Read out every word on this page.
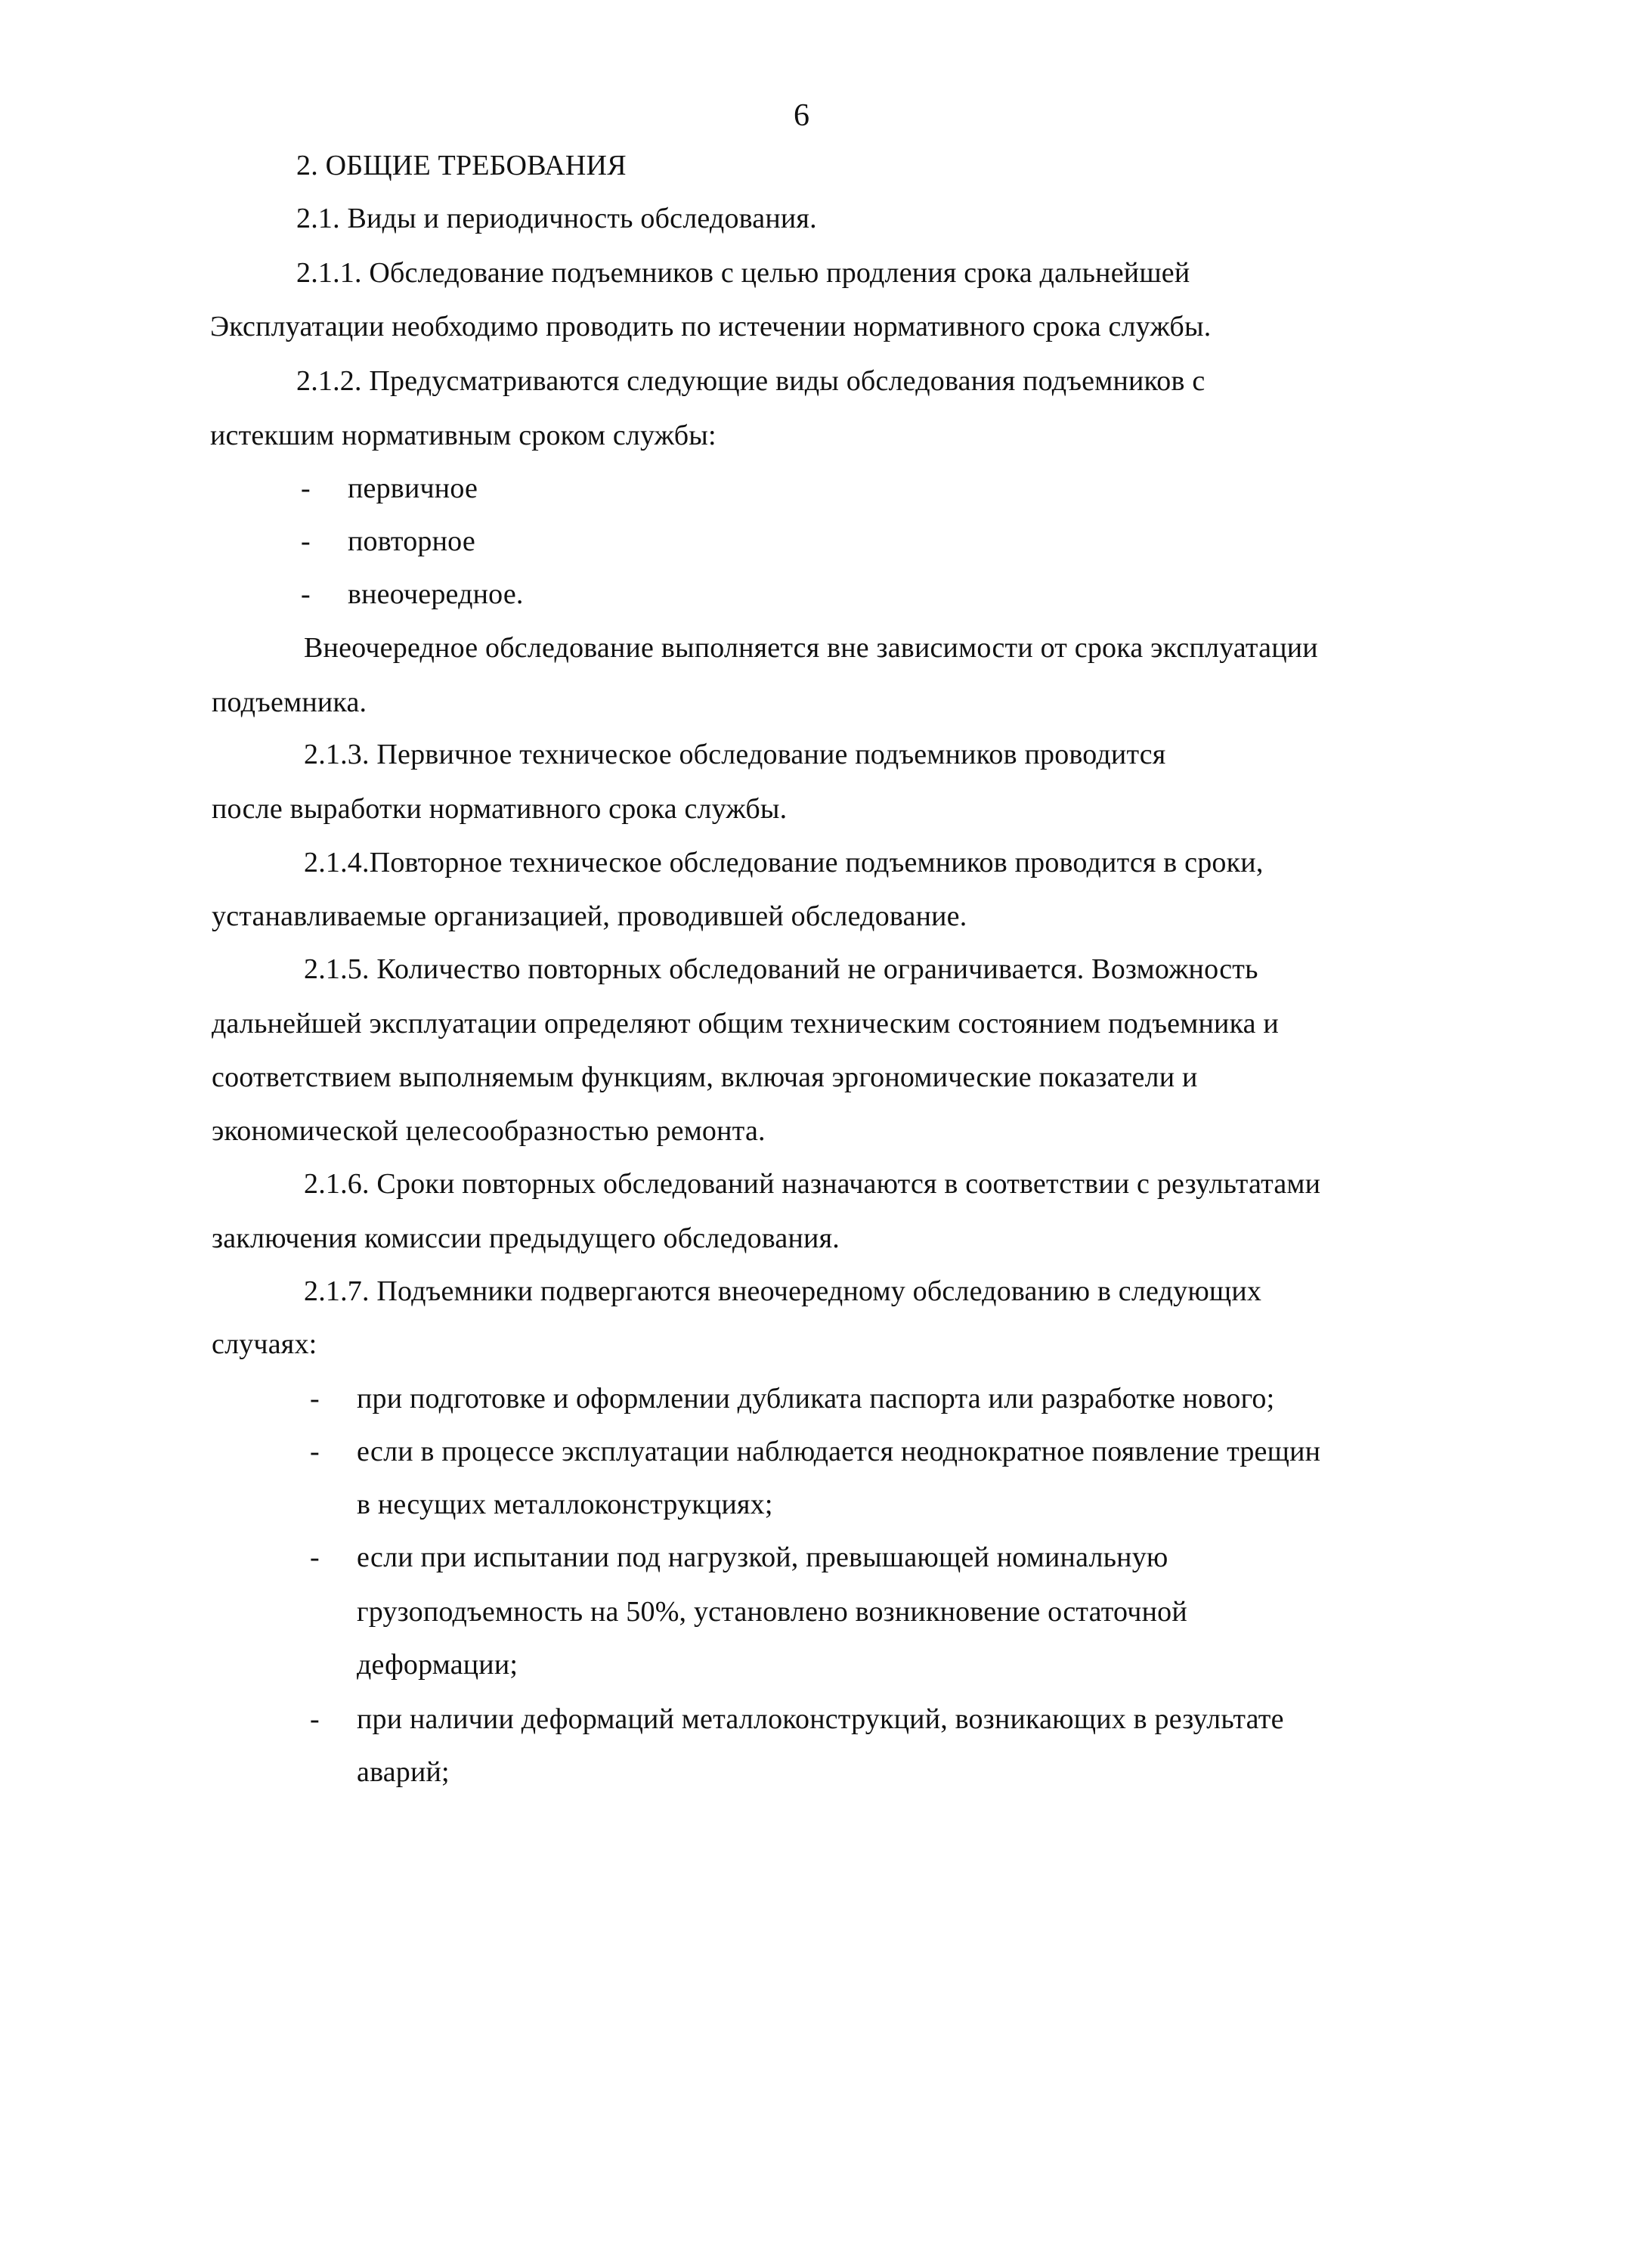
6
2. ОБЩИЕ ТРЕБОВАНИЯ
2.1. Виды и периодичность обследования.
2.1.1. Обследование подъемников с целью продления срока дальнейшей
Эксплуатации необходимо проводить по истечении нормативного срока службы.
2.1.2. Предусматриваются следующие виды обследования подъемников с
истекшим нормативным сроком службы:
- первичное
- повторное
- внеочередное.
Внеочередное обследование выполняется вне зависимости от срока эксплуатации
подъемника.
2.1.3. Первичное техническое обследование подъемников проводится
после выработки нормативного срока службы.
2.1.4.Повторное техническое обследование подъемников проводится в сроки,
устанавливаемые организацией, проводившей обследование.
2.1.5. Количество повторных обследований не ограничивается. Возможность
дальнейшей эксплуатации определяют общим техническим состоянием подъемника и
соответствием выполняемым функциям, включая эргономические показатели и
экономической целесообразностью ремонта.
2.1.6. Сроки повторных обследований назначаются в соответствии с результатами
заключения комиссии предыдущего обследования.
2.1.7. Подъемники подвергаются внеочередному обследованию в следующих
случаях:
- при подготовке и оформлении дубликата паспорта или разработке нового;
- если в процессе эксплуатации наблюдается неоднократное появление трещин
в несущих металлоконструкциях;
- если при испытании под нагрузкой, превышающей номинальную
грузоподъемность на 50%, установлено возникновение остаточной
деформации;
- при наличии деформаций металлоконструкций, возникающих в результате
аварий;
